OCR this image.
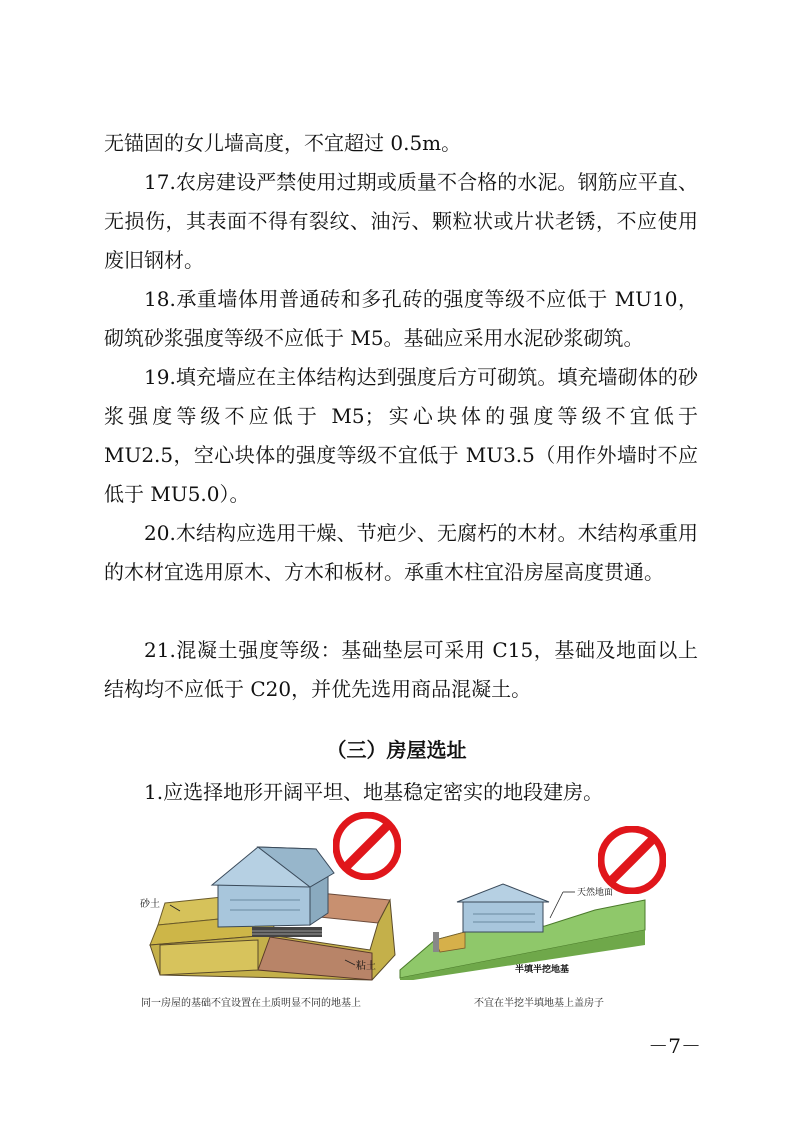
无锚固的女儿墙高度，不宜超过 0.5m。

17.农房建设严禁使用过期或质量不合格的水泥。钢筋应平直、无损伤，其表面不得有裂纹、油污、颗粒状或片状老锈，不应使用废旧钢材。

18.承重墙体用普通砖和多孔砖的强度等级不应低于 MU10，砌筑砂浆强度等级不应低于 M5。基础应采用水泥砂浆砌筑。

19.填充墙应在主体结构达到强度后方可砌筑。填充墙砌体的砂浆强度等级不应低于 M5；实心块体的强度等级不宜低于 MU2.5，空心块体的强度等级不宜低于 MU3.5（用作外墙时不应低于 MU5.0）。

20.木结构应选用干燥、节疤少、无腐朽的木材。木结构承重用的木材宜选用原木、方木和板材。承重木柱宜沿房屋高度贯通。

21.混凝土强度等级：基础垫层可采用 C15，基础及地面以上结构均不应低于 C20，并优先选用商品混凝土。

（三）房屋选址

1.应选择地形开阔平坦、地基稳定密实的地段建房。

砂土
粘土
天然地面
半填半挖地基
同一房屋的基础不宜设置在土质明显不同的地基上	不宜在半挖半填地基上盖房子
－7－
